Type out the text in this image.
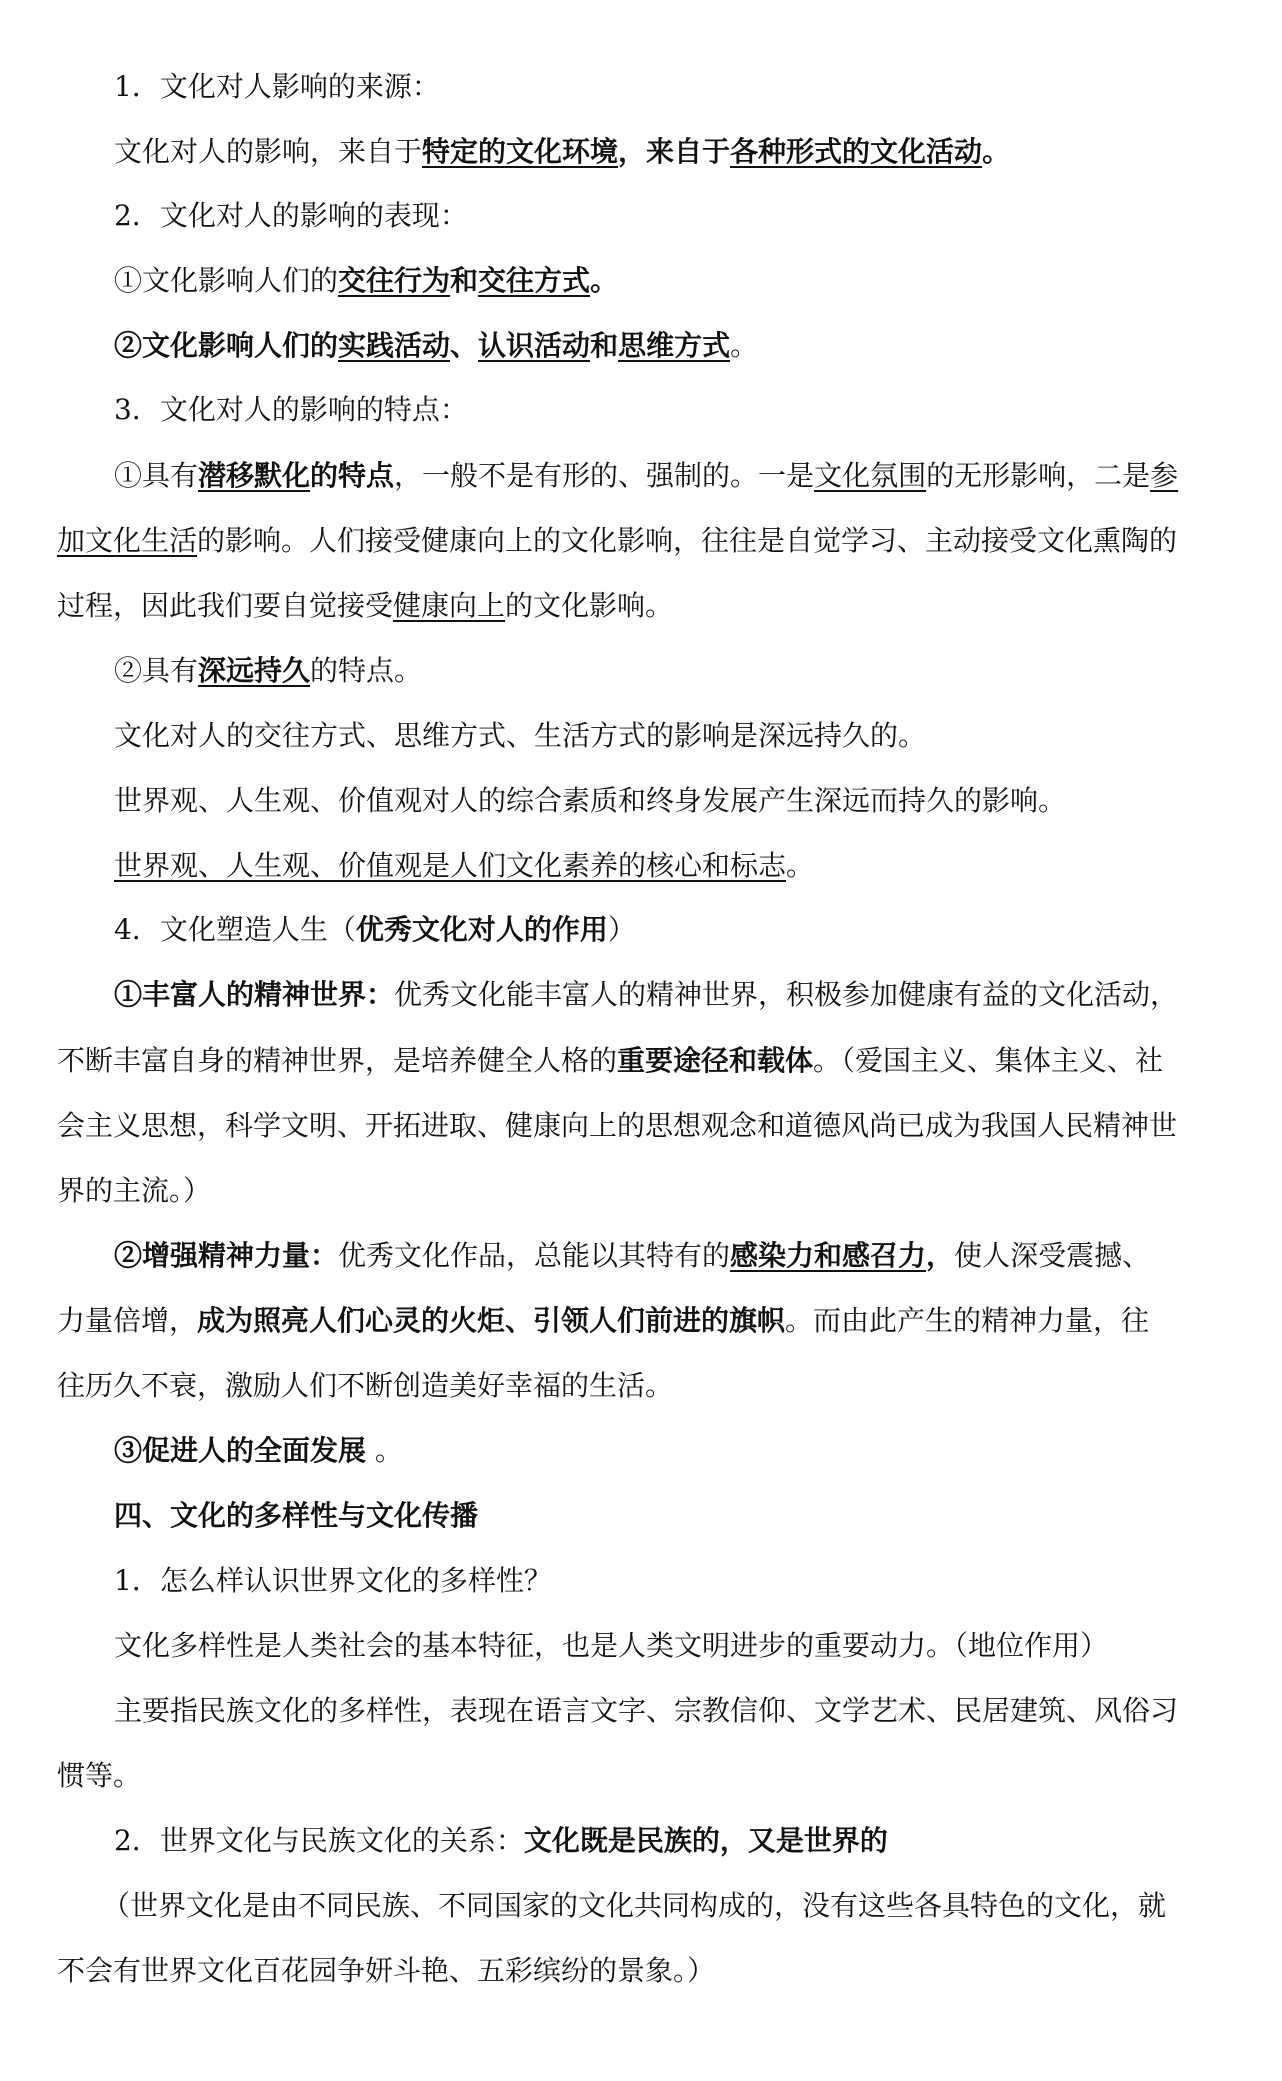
1．文化对人影响的来源：
文化对人的影响，来自于特定的文化环境，来自于各种形式的文化活动。
2．文化对人的影响的表现：
①文化影响人们的交往行为和交往方式。
②文化影响人们的实践活动、认识活动和思维方式。
3．文化对人的影响的特点：
①具有潜移默化的特点，一般不是有形的、强制的。一是文化氛围的无形影响，二是参
加文化生活的影响。人们接受健康向上的文化影响，往往是自觉学习、主动接受文化熏陶的
过程，因此我们要自觉接受健康向上的文化影响。
②具有深远持久的特点。
文化对人的交往方式、思维方式、生活方式的影响是深远持久的。
世界观、人生观、价值观对人的综合素质和终身发展产生深远而持久的影响。
世界观、人生观、价值观是人们文化素养的核心和标志。
4．文化塑造人生（优秀文化对人的作用）
①丰富人的精神世界：优秀文化能丰富人的精神世界，积极参加健康有益的文化活动，
不断丰富自身的精神世界，是培养健全人格的重要途径和载体。（爱国主义、集体主义、社
会主义思想，科学文明、开拓进取、健康向上的思想观念和道德风尚已成为我国人民精神世
界的主流。）
②增强精神力量：优秀文化作品，总能以其特有的感染力和感召力，使人深受震撼、
力量倍增，成为照亮人们心灵的火炬、引领人们前进的旗帜。而由此产生的精神力量，往
往历久不衰，激励人们不断创造美好幸福的生活。
③促进人的全面发展 。
四、文化的多样性与文化传播
1．怎么样认识世界文化的多样性？
文化多样性是人类社会的基本特征，也是人类文明进步的重要动力。（地位作用）
主要指民族文化的多样性，表现在语言文字、宗教信仰、文学艺术、民居建筑、风俗习
惯等。
2．世界文化与民族文化的关系：文化既是民族的，又是世界的
（世界文化是由不同民族、不同国家的文化共同构成的，没有这些各具特色的文化，就
不会有世界文化百花园争妍斗艳、五彩缤纷的景象。）
